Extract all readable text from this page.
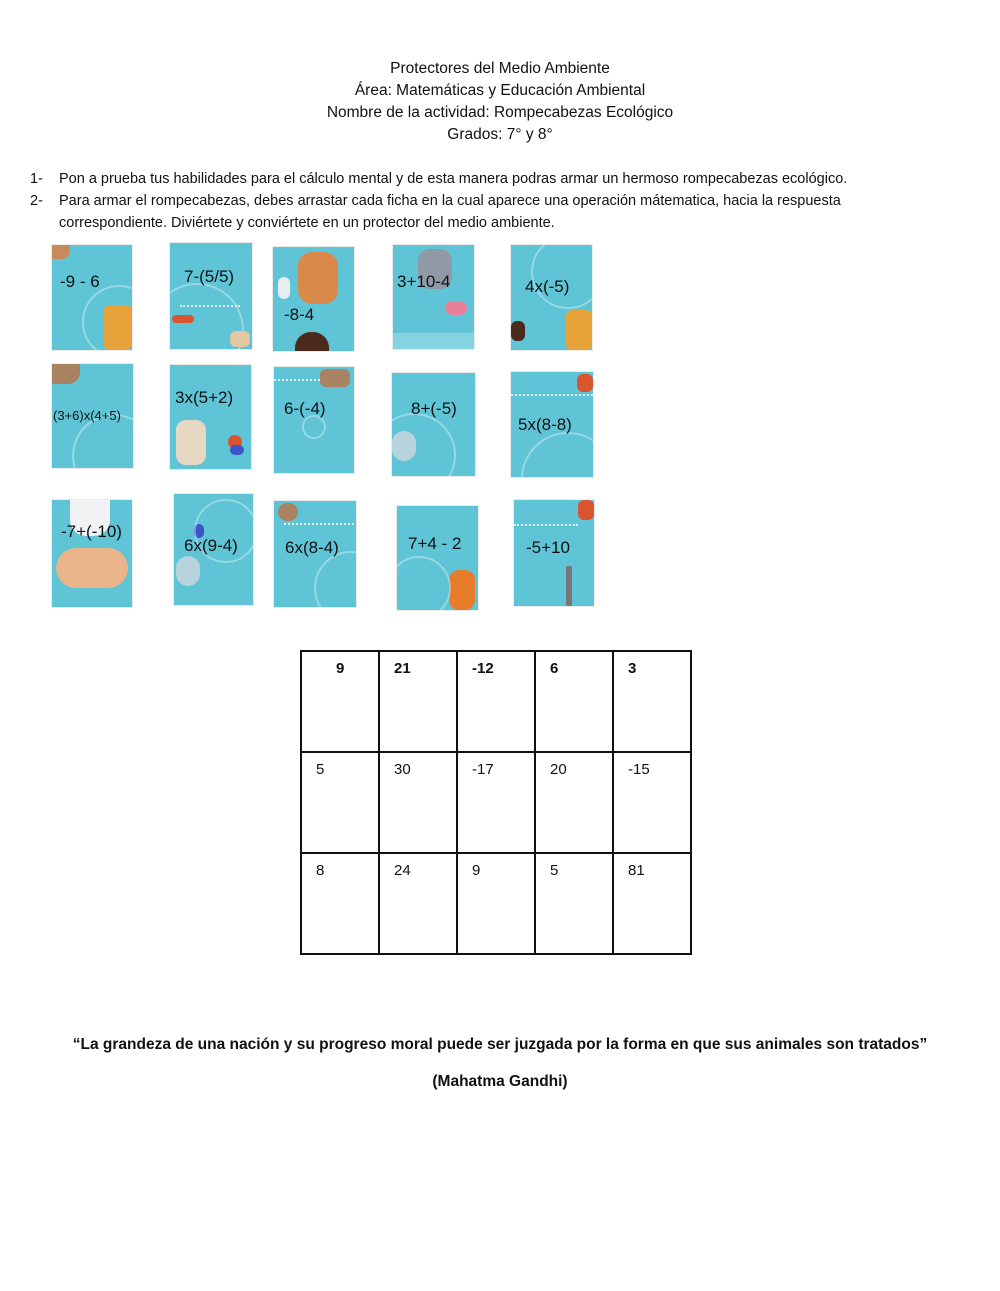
Protectores del Medio Ambiente
Área: Matemáticas y Educación Ambiental
Nombre de la actividad: Rompecabezas Ecológico
Grados: 7° y 8°
1-	Pon a prueba tus habilidades para el cálculo mental y de esta manera podras armar un hermoso rompecabezas ecológico.
2-	Para armar el rompecabezas, debes arrastar cada ficha en la cual aparece una operación mátematica, hacia la respuesta correspondiente. Diviértete y conviértete en un protector del medio ambiente.
-9 - 6	7-(5/5)
-8-4
3+10-4	4x(-5)
(3+6)x(4+5)
3x(5+2)
6-(-4)	8+(-5)
5x(8-8)
-7+(-10)
6x(9-4)	6x(8-4)	7+4 - 2	-5+10
9	21	-12	6	3
5	30	-17	20	-15
8	24	9	5	81
“La grandeza de una nación y su progreso moral puede ser juzgada por la forma en que sus animales son tratados”
(Mahatma Gandhi)
